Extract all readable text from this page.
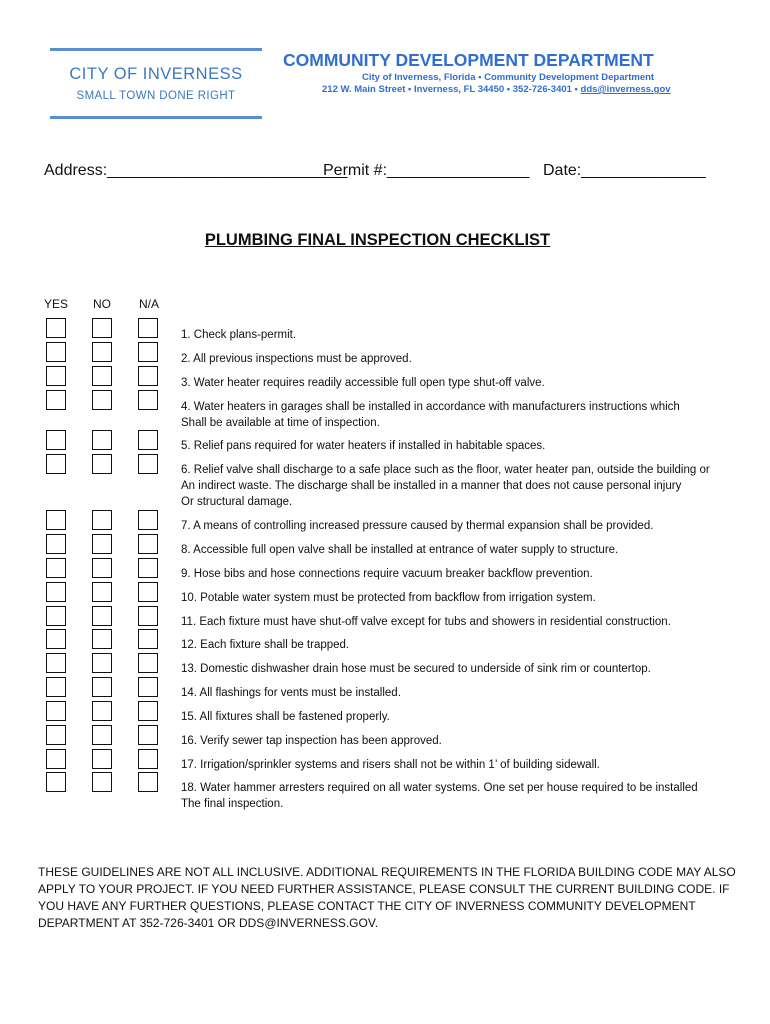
CITY OF INVERNESS
SMALL TOWN DONE RIGHT
COMMUNITY DEVELOPMENT DEPARTMENT
City of Inverness, Florida • Community Development Department
212 W. Main Street • Inverness, FL 34450 • 352-726-3401 • dds@inverness.gov
Address:___________________________
Permit #:________________ Date:______________
PLUMBING FINAL INSPECTION CHECKLIST
YES NO N/A
1. Check plans-permit.
2. All previous inspections must be approved.
3. Water heater requires readily accessible full open type shut-off valve.
4. Water heaters in garages shall be installed in accordance with manufacturers instructions which
Shall be available at time of inspection.
5. Relief pans required for water heaters if installed in habitable spaces.
6. Relief valve shall discharge to a safe place such as the floor, water heater pan, outside the building or
An indirect waste. The discharge shall be installed in a manner that does not cause personal injury
Or structural damage.
7. A means of controlling increased pressure caused by thermal expansion shall be provided.
8. Accessible full open valve shall be installed at entrance of water supply to structure.
9. Hose bibs and hose connections require vacuum breaker backflow prevention.
10. Potable water system must be protected from backflow from irrigation system.
11. Each fixture must have shut-off valve except for tubs and showers in residential construction.
12. Each fixture shall be trapped.
13. Domestic dishwasher drain hose must be secured to underside of sink rim or countertop.
14. All flashings for vents must be installed.
15. All fixtures shall be fastened properly.
16. Verify sewer tap inspection has been approved.
17. Irrigation/sprinkler systems and risers shall not be within 1’ of building sidewall.
18. Water hammer arresters required on all water systems. One set per house required to be installed
The final inspection.
THESE GUIDELINES ARE NOT ALL INCLUSIVE. ADDITIONAL REQUIREMENTS IN THE FLORIDA BUILDING CODE MAY ALSO APPLY TO YOUR PROJECT. IF YOU NEED FURTHER ASSISTANCE, PLEASE CONSULT THE CURRENT BUILDING CODE. IF YOU HAVE ANY FURTHER QUESTIONS, PLEASE CONTACT THE CITY OF INVERNESS COMMUNITY DEVELOPMENT DEPARTMENT AT 352-726-3401 OR DDS@INVERNESS.GOV.
